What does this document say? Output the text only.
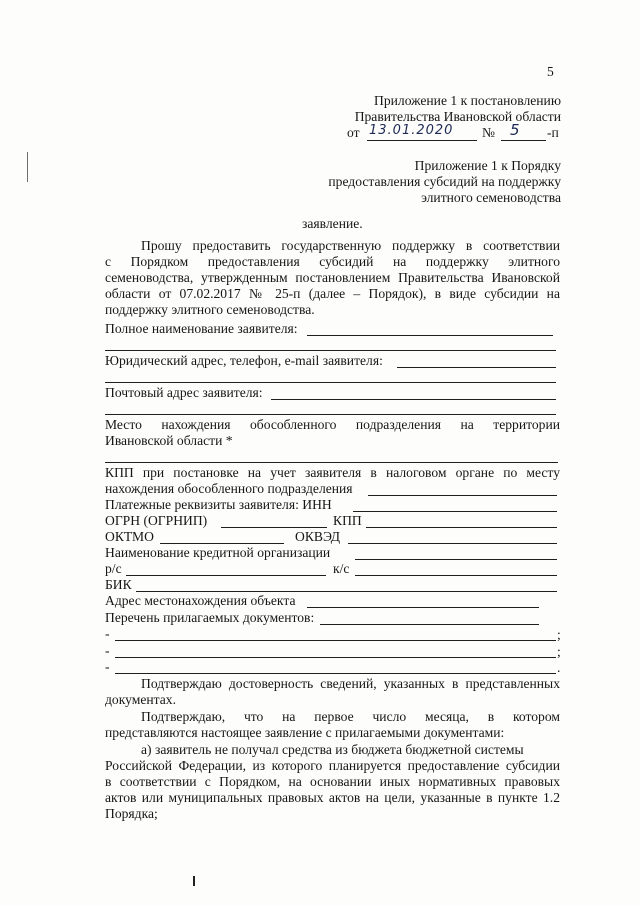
5
Приложение 1 к постановлению
Правительства Ивановской области
от 13.01.2020 № 5 -п
Приложение 1 к Порядку
предоставления субсидий на поддержку
элитного семеноводства
заявление.
Прошу предоставить государственную поддержку в соответствии
с Порядком предоставления субсидий на поддержку элитного
семеноводства, утвержденным постановлением Правительства Ивановской
области от 07.02.2017 № 25-п (далее – Порядок), в виде субсидии на
поддержку элитного семеноводства.
Полное наименование заявителя:
Юридический адрес, телефон, e-mail заявителя:
Почтовый адрес заявителя:
Место нахождения обособленного подразделения на территории
Ивановской области *
КПП при постановке на учет заявителя в налоговом органе по месту
нахождения обособленного подразделения
Платежные реквизиты заявителя: ИНН
ОГРН (ОГРНИП)	КПП
ОКТМО	ОКВЭД
Наименование кредитной организации
р/с	к/с
БИК
Адрес местонахождения объекта
Перечень прилагаемых документов:
-	;
-	;
-	.
Подтверждаю достоверность сведений, указанных в представленных
документах.
Подтверждаю, что на первое число месяца, в котором
представляются настоящее заявление с прилагаемыми документами:
а) заявитель не получал средства из бюджета бюджетной системы
Российской Федерации, из которого планируется предоставление субсидии
в соответствии с Порядком, на основании иных нормативных правовых
актов или муниципальных правовых актов на цели, указанные в пункте 1.2
Порядка;
